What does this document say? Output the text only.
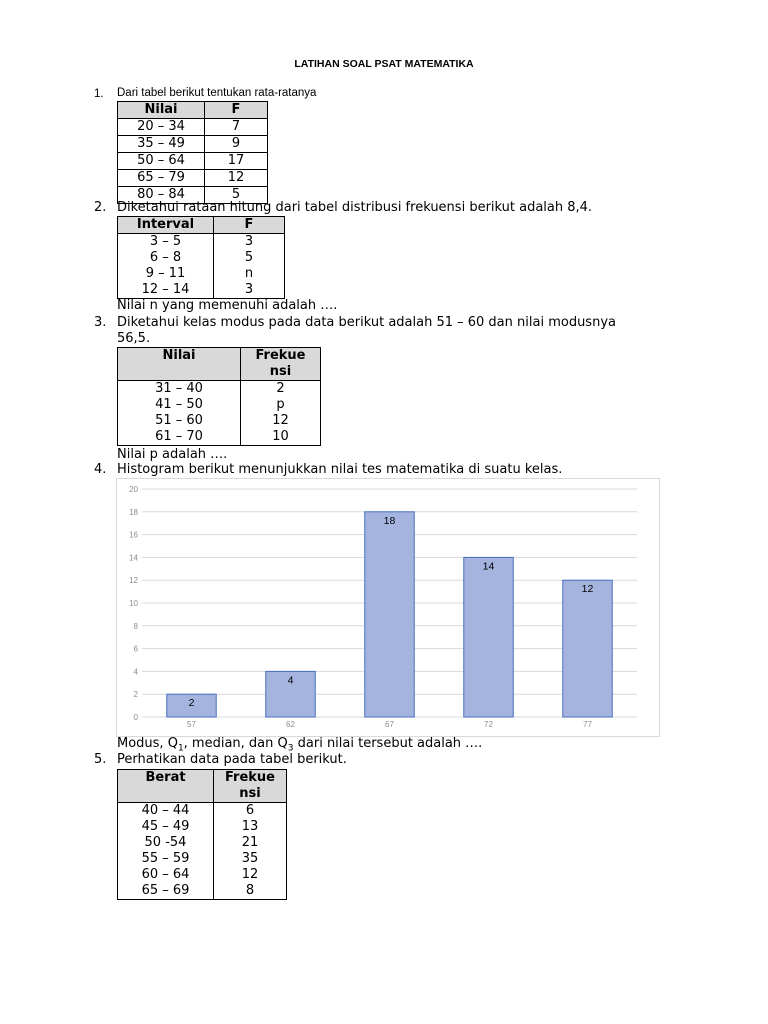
LATIHAN SOAL PSAT MATEMATIKA
1. Dari tabel berikut tentukan rata-ratanya
Nilai	F
20 – 34	7
35 – 49	9
50 – 64	17
65 – 79	12
80 – 84	5
2. Diketahui rataan hitung dari tabel distribusi frekuensi berikut adalah 8,4.
Interval	F
3 – 5	3
6 – 8	5
9 – 11	n
12 – 14	3
Nilai n yang memenuhi adalah ….
3. Diketahui kelas modus pada data berikut adalah 51 – 60 dan nilai modusnya
56,5.
Nilai	Frekue
nsi
31 – 40	2
41 – 50	p
51 – 60	12
61 – 70	10
Nilai p adalah ….
4. Histogram berikut menunjukkan nilai tes matematika di suatu kelas.
0
2
4
6
8
10
12
14
16
18
20
2
57
4
62
18
67
14
72
12
77
Modus, $Q_1$, median, dan $Q_3$ dari nilai tersebut adalah ….
5. Perhatikan data pada tabel berikut.
Berat	Frekue
nsi
40 – 44	6
45 – 49	13
50 -54	21
55 – 59	35
60 – 64	12
65 – 69	8
